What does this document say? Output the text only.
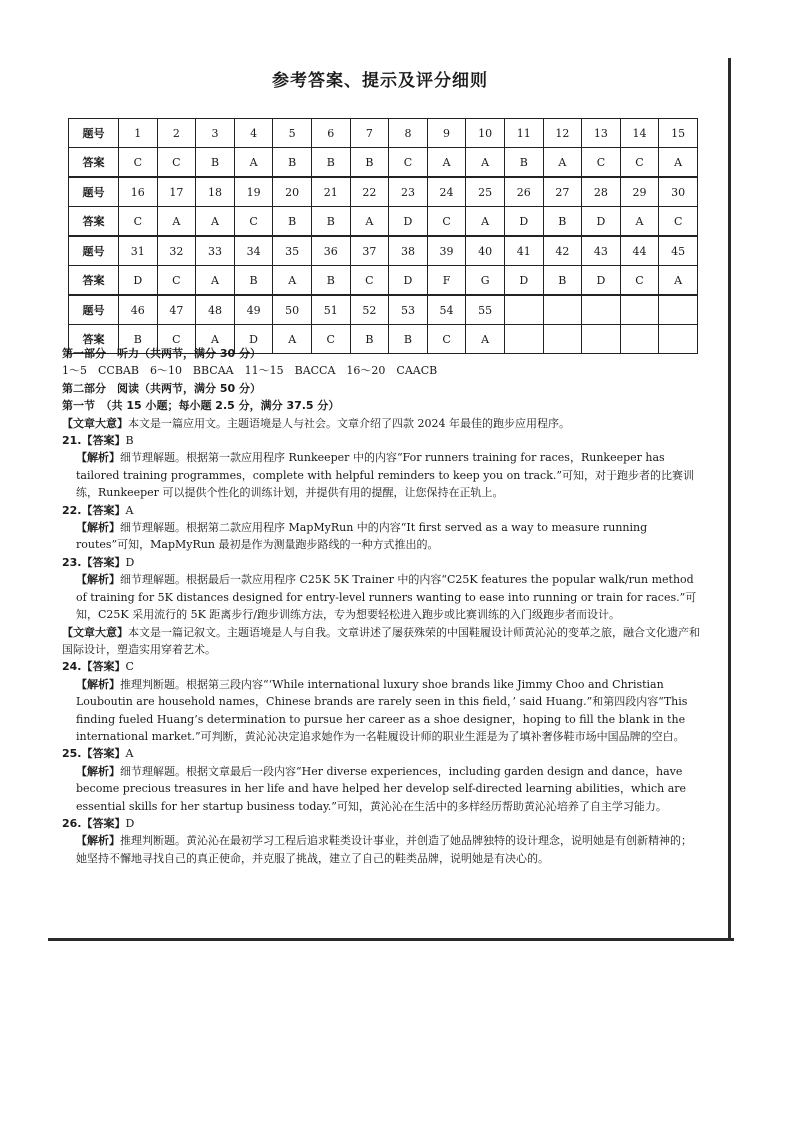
参考答案、提示及评分细则
题号	1	2	3	4	5	6	7	8	9	10	11	12	13	14	15
答案	C	C	B	A	B	B	B	C	A	A	B	A	C	C	A
题号	16	17	18	19	20	21	22	23	24	25	26	27	28	29	30
答案	C	A	A	C	B	B	A	D	C	A	D	B	D	A	C
题号	31	32	33	34	35	36	37	38	39	40	41	42	43	44	45
答案	D	C	A	B	A	B	C	D	F	G	D	B	D	C	A
题号	46	47	48	49	50	51	52	53	54	55					
答案	B	C	A	D	A	C	B	B	C	A					
第一部分　听力（共两节，满分 30 分）
1～5　CCBAB　6～10　BBCAA　11～15　BACCA　16～20　CAACB
第二部分　阅读（共两节，满分 50 分）
第一节　（共 15 小题；每小题 2.5 分，满分 37.5 分）
【文章大意】本文是一篇应用文。主题语境是人与社会。文章介绍了四款 2024 年最佳的跑步应用程序。
21.【答案】B
【解析】细节理解题。根据第一款应用程序 Runkeeper 中的内容“For runners training for races，Runkeeper has tailored training programmes，complete with helpful reminders to keep you on track.”可知，对于跑步者的比赛训练，Runkeeper 可以提供个性化的训练计划，并提供有用的提醒，让您保持在正轨上。
22.【答案】A
【解析】细节理解题。根据第二款应用程序 MapMyRun 中的内容“It first served as a way to measure running routes”可知，MapMyRun 最初是作为测量跑步路线的一种方式推出的。
23.【答案】D
【解析】细节理解题。根据最后一款应用程序 C25K 5K Trainer 中的内容“C25K features the popular walk/run method of training for 5K distances designed for entry-level runners wanting to ease into running or train for races.”可知，C25K 采用流行的 5K 距离步行/跑步训练方法，专为想要轻松进入跑步或比赛训练的入门级跑步者而设计。
【文章大意】本文是一篇记叙文。主题语境是人与自我。文章讲述了屡获殊荣的中国鞋履设计师黄沁沁的变革之旅，融合文化遗产和国际设计，塑造实用穿着艺术。
24.【答案】C
【解析】推理判断题。根据第三段内容“‘While international luxury shoe brands like Jimmy Choo and Christian Louboutin are household names，Chinese brands are rarely seen in this field，’ said Huang.”和第四段内容“This finding fueled Huang’s determination to pursue her career as a shoe designer，hoping to fill the blank in the international market.”可判断，黄沁沁决定追求她作为一名鞋履设计师的职业生涯是为了填补奢侈鞋市场中国品牌的空白。
25.【答案】A
【解析】细节理解题。根据文章最后一段内容“Her diverse experiences，including garden design and dance，have become precious treasures in her life and have helped her develop self-directed learning abilities，which are essential skills for her startup business today.”可知，黄沁沁在生活中的多样经历帮助黄沁沁培养了自主学习能力。
26.【答案】D
【解析】推理判断题。黄沁沁在最初学习工程后追求鞋类设计事业，并创造了她品牌独特的设计理念，说明她是有创新精神的；她坚持不懈地寻找自己的真正使命，并克服了挑战，建立了自己的鞋类品牌，说明她是有决心的。
